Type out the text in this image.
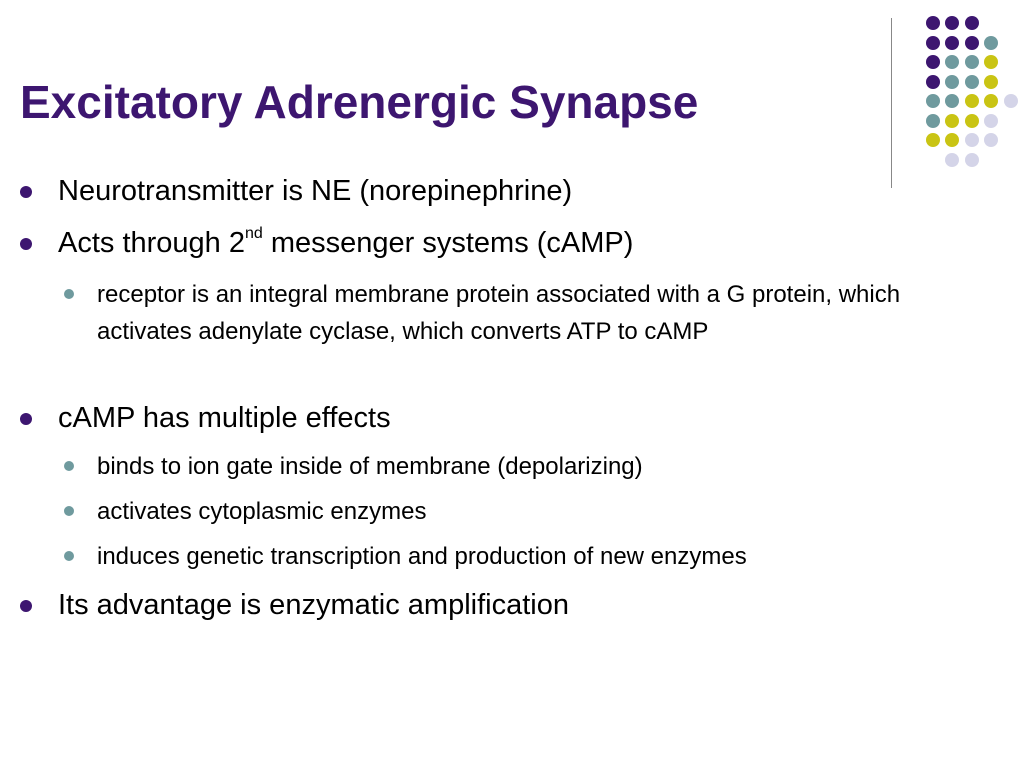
Excitatory Adrenergic Synapse
Neurotransmitter is NE (norepinephrine)
Acts through 2nd messenger systems (cAMP)
receptor is an integral membrane protein associated with a G protein, which activates adenylate cyclase, which converts ATP to cAMP
cAMP has multiple effects
binds to ion gate inside of membrane (depolarizing)
activates cytoplasmic enzymes
induces genetic transcription and production of new enzymes
Its advantage is enzymatic amplification
